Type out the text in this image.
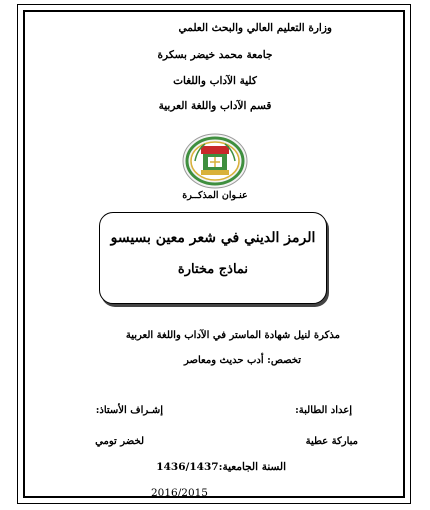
وزارة التعليم العالي والبحث العلمي
جامعة محمد خيضر بسكرة
كلية الآداب واللغات
قسم الآداب واللغة العربية
عنـوان المذكــرة
الرمز الديني في شعر معين بسيسو
نماذج مختارة
مذكرة لنيل شهادة الماستر في الآداب واللغة العربية
تخصص: أدب حديث ومعاصر
إعداد الطالبة:
إشـراف الأستاذ:
مباركة عطية
لخضر تومي
السنة الجامعية:1436/1437
2016/2015
